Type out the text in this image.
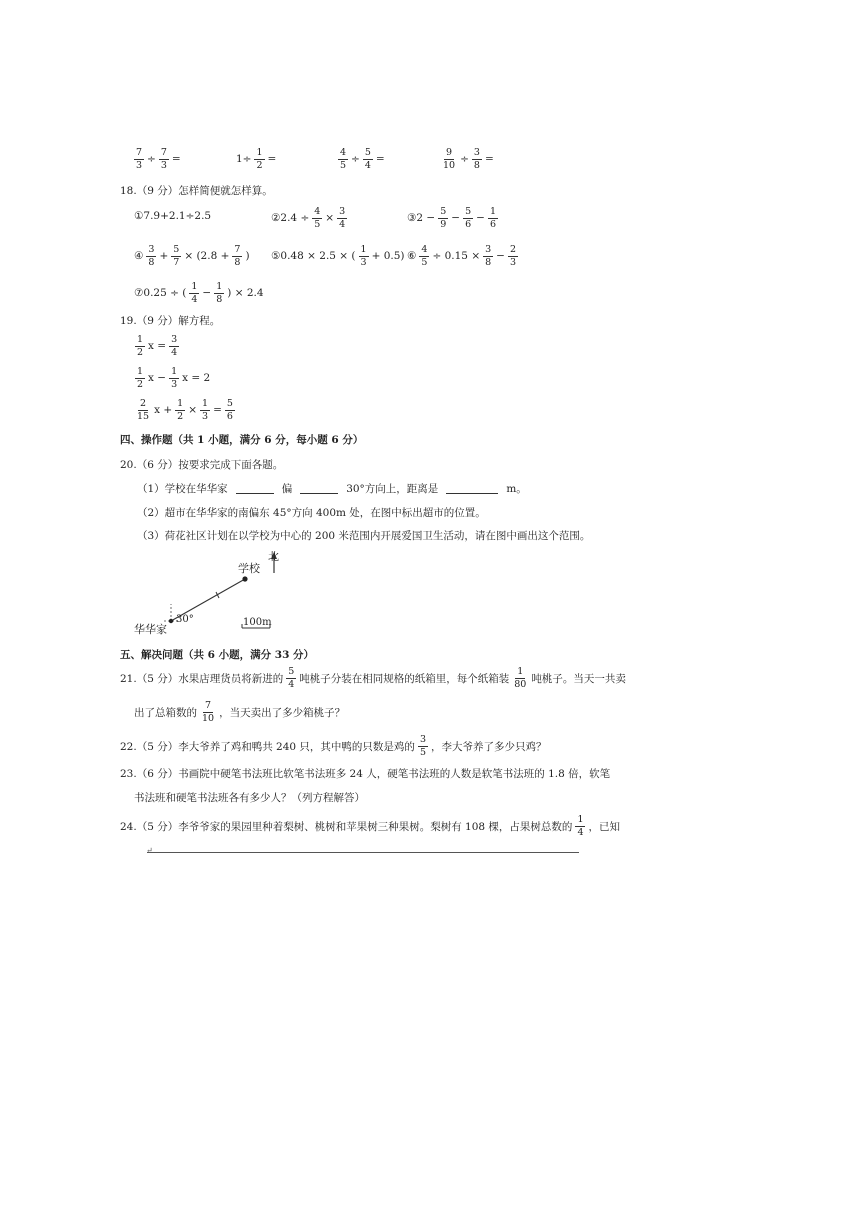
$\frac{7}{3} \div \frac{7}{3}$ =	$1\div \frac{1}{2}$ =	$\frac{4}{5} \div \frac{5}{4}$ =	$\frac{9}{10} \div \frac{3}{8}$ =
18.（9 分）怎样简便就怎样算。
①7.9+2.1÷2.5	②2.4 ÷ $\frac{4}{5} \times \frac{3}{4}$	③2 − $\frac{5}{9} - \frac{5}{6} - \frac{1}{6}$
④ $\frac{3}{8} + \frac{5}{7} \times (2.8 + \frac{7}{8}$ ) ⑤0.48 × 2.5 × ( $\frac{1}{3} + 0.5$) ⑥ $\frac{4}{5} \div 0.15 \times \frac{3}{8} - \frac{2}{3}$
⑦0.25 ÷ ( $\frac{1}{4} - \frac{1}{8}$ ) × 2.4
19.（9 分）解方程。
$\frac{1}{2}$ $x = \frac{3}{4}$
$\frac{1}{2}$ $x - \frac{1}{3}$ x = 2
$\frac{2}{15}$ $x + \frac{1}{2} \times \frac{1}{3} = \frac{5}{6}$
四、操作题（共 1 小题，满分 6 分，每小题 6 分）
20.（6 分）按要求完成下面各题。
（1）学校在华华家	偏	30°方向上，距离是	m。
（2）超市在华华家的南偏东 45°方向 400m 处，在图中标出超市的位置。
（3）荷花社区计划在以学校为中心的 200 米范围内开展爱国卫生活动，请在图中画出这个范围。
北
学校
30°
华华家
100m
五、解决问题（共 6 小题，满分 33 分）
21.（5 分）水果店理货员将新进的 $\frac{5}{4}$ 吨桃子分装在相同规格的纸箱里，每个纸箱装 $\frac{1}{80}$ 吨桃子。当天一共卖
出了总箱数的 $\frac{7}{10}$ ，当天卖出了多少箱桃子？
22.（5 分）李大爷养了鸡和鸭共 240 只，其中鸭的只数是鸡的 $\frac{3}{5}$ ，李大爷养了多少只鸡？
23.（6 分）书画院中硬笔书法班比软笔书法班多 24 人，硬笔书法班的人数是软笔书法班的 1.8 倍，软笔
书法班和硬笔书法班各有多少人？（列方程解答）
24.（5 分）李爷爷家的果园里种着梨树、桃树和苹果树三种果树。梨树有 108 棵，占果树总数的 $\frac{1}{4}$ ，已知
↵
